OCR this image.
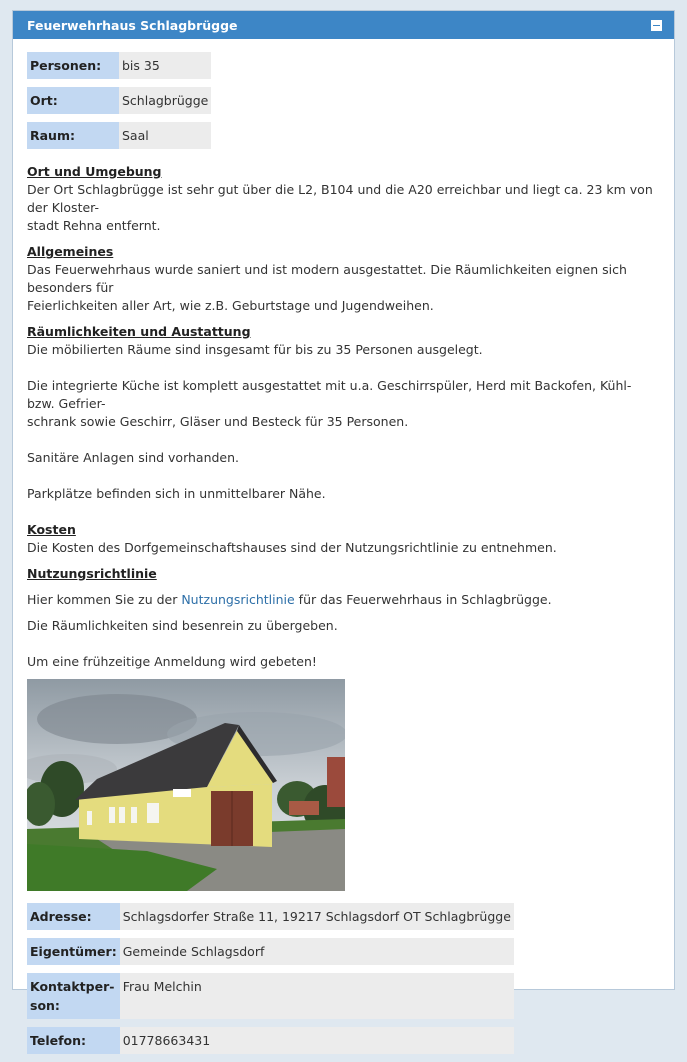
Feuerwehrhaus Schlagbrügge
Personen:	bis 35
Ort:	Schlagbrügge
Raum:	Saal
Ort und Umgebung

Der Ort Schlagbrügge ist sehr gut über die L2, B104 und die A20 erreichbar und liegt ca. 23 km von der Kloster-

stadt Rehna entfernt.

Allgemeines

Das Feuerwehrhaus wurde saniert und ist modern ausgestattet. Die Räumlichkeiten eignen sich besonders für

Feierlichkeiten aller Art, wie z.B. Geburtstage und Jugendweihen.

Räumlichkeiten und Austattung

Die möbilierten Räume sind insgesamt für bis zu 35 Personen ausgelegt.

Die integrierte Küche ist komplett ausgestattet mit u.a. Geschirrspüler, Herd mit Backofen, Kühl- bzw. Gefrier-

schrank sowie Geschirr, Gläser und Besteck für 35 Personen.

Sanitäre Anlagen sind vorhanden.

Parkplätze befinden sich in unmittelbarer Nähe.

Kosten

Die Kosten des Dorfgemeinschaftshauses sind der Nutzungsrichtlinie zu entnehmen.

Nutzungsrichtlinie

Hier kommen Sie zu der Nutzungsrichtlinie für das Feuerwehrhaus in Schlagbrügge.

Die Räumlichkeiten sind besenrein zu übergeben.

Um eine frühzeitige Anmeldung wird gebeten!

Adresse:	Schlagsdorfer Straße 11, 19217 Schlagsdorf OT Schlagbrügge
Eigentümer:	Gemeinde Schlagsdorf
Kontaktper-
son:	Frau Melchin
Telefon:	01778663431
